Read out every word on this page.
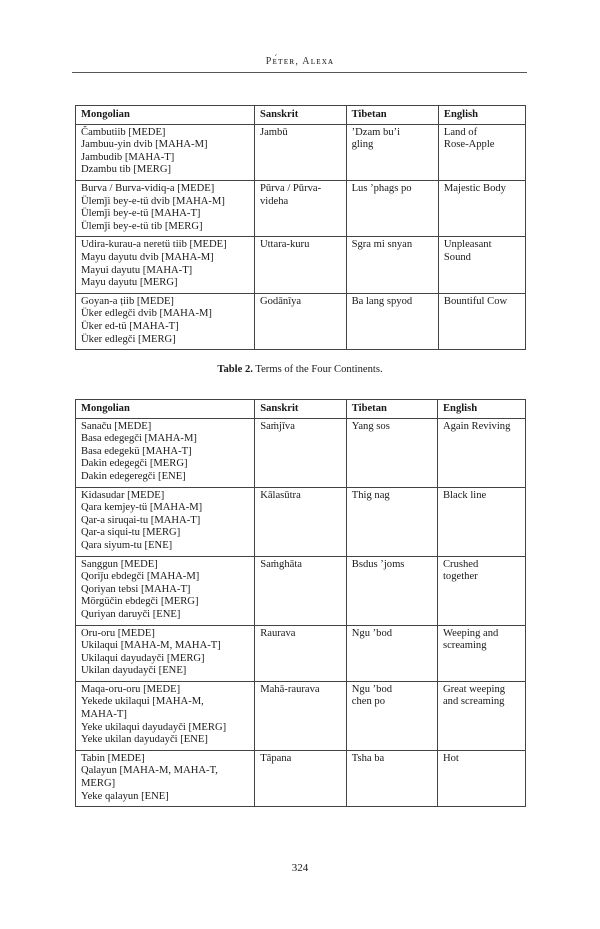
Pᴇ́ᴛᴇʀ, Aʟᴇxᴀ
Mongolian	Sanskrit	Tibetan	English

Čambutiib [MEDE]
Jambuu-yin dvib [MAHA-M]
Jambudib [MAHA-T]
Dzambu tib [MERG]	Jambū	’Dzam bu’i
gling	Land of
Rose-Apple

Burva / Burva-vidiq-a [MEDE]
Ülemǰi bey-e-tü dvib [MAHA-M]
Ülemǰi bey-e-tü [MAHA-T]
Ülemǰi bey-e-tü tib [MERG]	Pūrva / Pūrva-
videha	Lus ’phags po	Majestic Body

Udira-kurau-a neretü tiib [MEDE]
Mayu dayutu dvib [MAHA-M]
Mayui dayutu [MAHA-T]
Mayu dayutu [MERG]	Uttara-kuru	Sgra mi snyan	Unpleasant
Sound

Goyan-a ṭiib [MEDE]
Üker edlegči dvib [MAHA-M]
Üker ed-tü [MAHA-T]
Üker edlegči [MERG]	Godānīya	Ba lang spyod	Bountiful Cow
Table 2. Terms of the Four Continents.
Mongolian	Sanskrit	Tibetan	English

Sanaču [MEDE]
Basa edegegči [MAHA-M]
Basa edegekü [MAHA-T]
Dakin edegegči [MERG]
Dakin edegeregči [ENE]	Saṁjīva	Yang sos	Again Reviving

Kidasudar [MEDE]
Qara kemjey-tü [MAHA-M]
Qar-a siruqai-tu [MAHA-T]
Qar-a siqui-tu [MERG]
Qara siyum-tu [ENE]	Kālasūtra	Thig nag	Black line

Sanggun [MEDE]
Qoriǰu ebdegči [MAHA-M]
Qoriyan tebsi [MAHA-T]
Mörgüčin ebdegči [MERG]
Quriyan daruyči [ENE]	Saṁghāta	Bsdus ’joms	Crushed
together

Oru-oru [MEDE]
Ukilaqui [MAHA-M, MAHA-T]
Ukilaqui dayudayči [MERG]
Ukilan dayudayči [ENE]	Raurava	Ngu ’bod	Weeping and
screaming

Maqa-oru-oru [MEDE]
Yekede ukilaqui [MAHA-M,
MAHA-T]
Yeke ukilaqui dayudayči [MERG]
Yeke ukilan dayudayči [ENE]	Mahā-raurava	Ngu ’bod
chen po	Great weeping
and screaming

Tabin [MEDE]
Qalayun [MAHA-M, MAHA-T,
MERG]
Yeke qalayun [ENE]	Tāpana	Tsha ba	Hot
324
